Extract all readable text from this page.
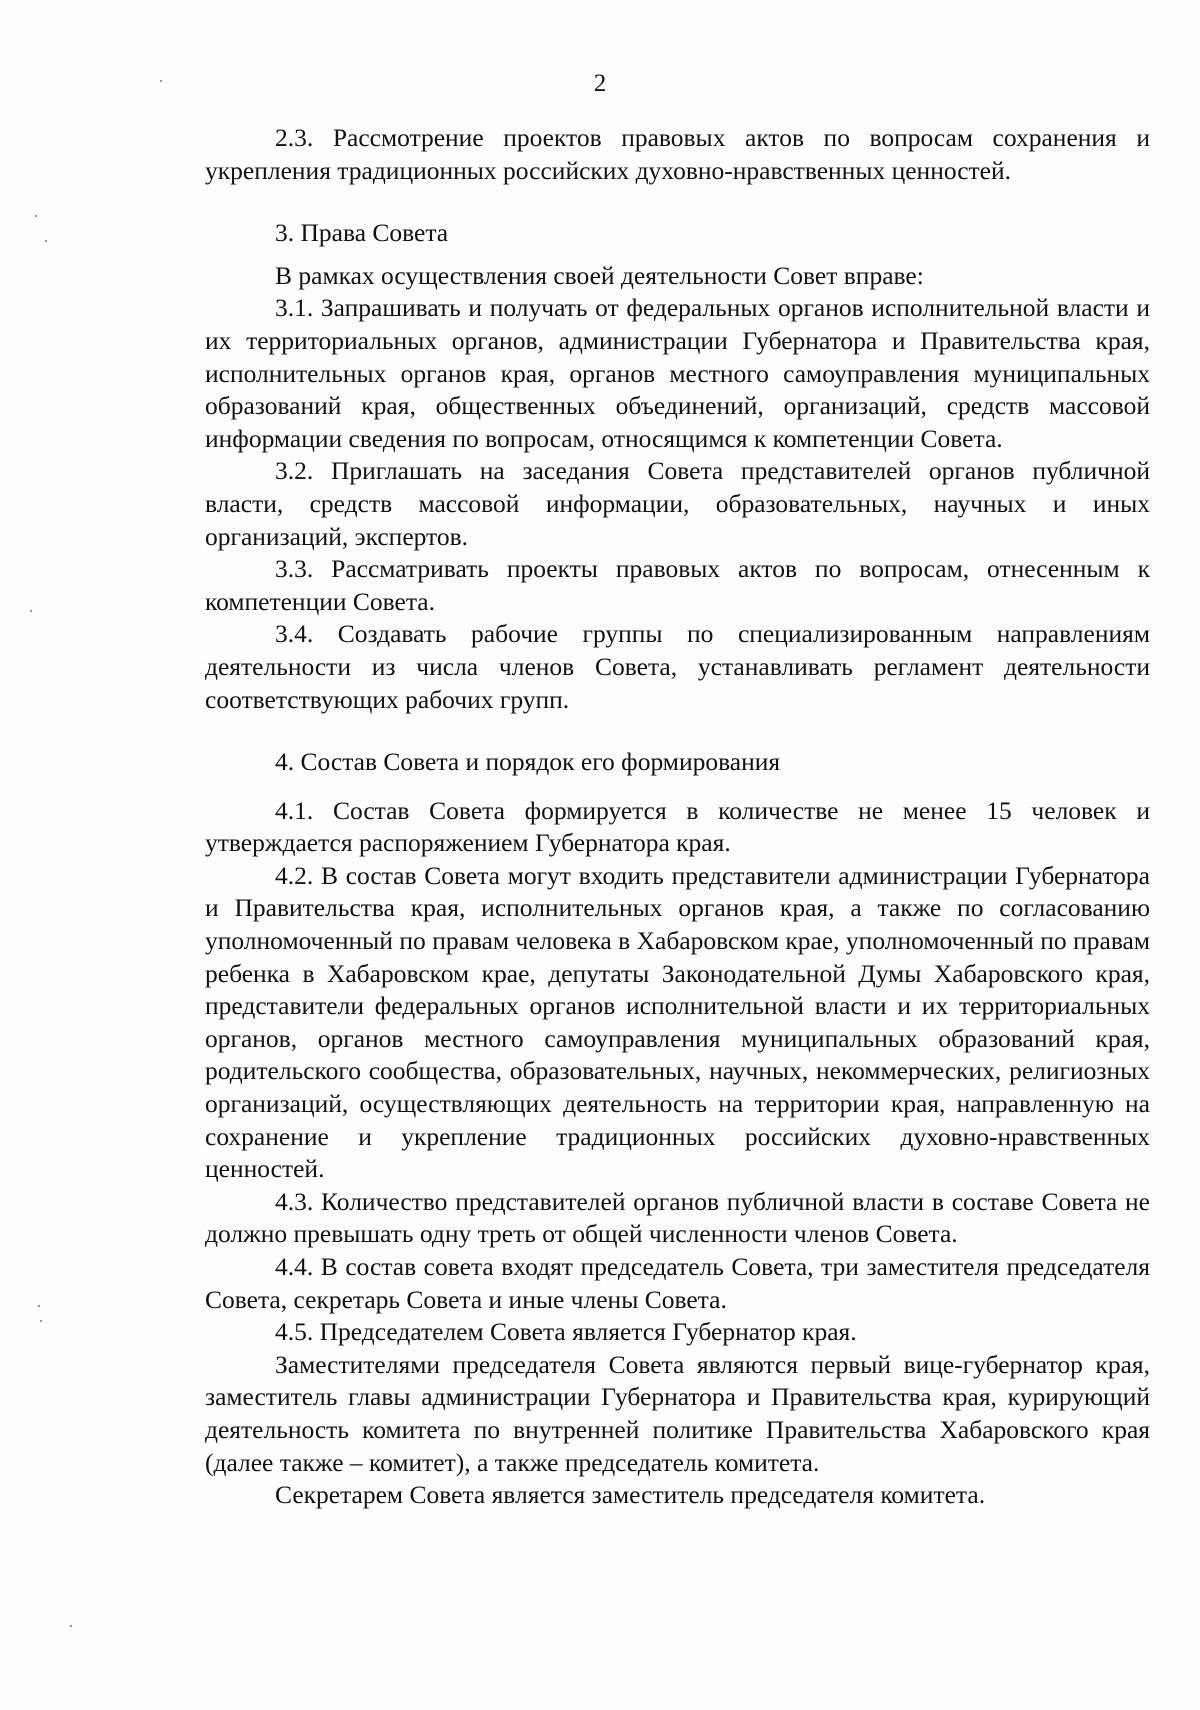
2

2.3. Рассмотрение проектов правовых актов по вопросам сохранения и укрепления традиционных российских духовно-нравственных ценностей.

3. Права Совета

В рамках осуществления своей деятельности Совет вправе:

3.1. Запрашивать и получать от федеральных органов исполнительной власти и их территориальных органов, администрации Губернатора и Правительства края, исполнительных органов края, органов местного самоуправления муниципальных образований края, общественных объединений, организаций, средств массовой информации сведения по вопросам, относящимся к компетенции Совета.

3.2. Приглашать на заседания Совета представителей органов публичной власти, средств массовой информации, образовательных, научных и иных организаций, экспертов.

3.3. Рассматривать проекты правовых актов по вопросам, отнесенным к компетенции Совета.

3.4. Создавать рабочие группы по специализированным направлениям деятельности из числа членов Совета, устанавливать регламент деятельности соответствующих рабочих групп.

4. Состав Совета и порядок его формирования

4.1. Состав Совета формируется в количестве не менее 15 человек и утверждается распоряжением Губернатора края.

4.2. В состав Совета могут входить представители администрации Губернатора и Правительства края, исполнительных органов края, а также по согласованию уполномоченный по правам человека в Хабаровском крае, уполномоченный по правам ребенка в Хабаровском крае, депутаты Законодательной Думы Хабаровского края, представители федеральных органов исполнительной власти и их территориальных органов, органов местного самоуправления муниципальных образований края, родительского сообщества, образовательных, научных, некоммерческих, религиозных организаций, осуществляющих деятельность на территории края, направленную на сохранение и укрепление традиционных российских духовно-нравственных ценностей.

4.3. Количество представителей органов публичной власти в составе Совета не должно превышать одну треть от общей численности членов Совета.

4.4. В состав совета входят председатель Совета, три заместителя председателя Совета, секретарь Совета и иные члены Совета.

4.5. Председателем Совета является Губернатор края.

Заместителями председателя Совета являются первый вице-губернатор края, заместитель главы администрации Губернатора и Правительства края, курирующий деятельность комитета по внутренней политике Правительства Хабаровского края (далее также – комитет), а также председатель комитета.

Секретарем Совета является заместитель председателя комитета.
